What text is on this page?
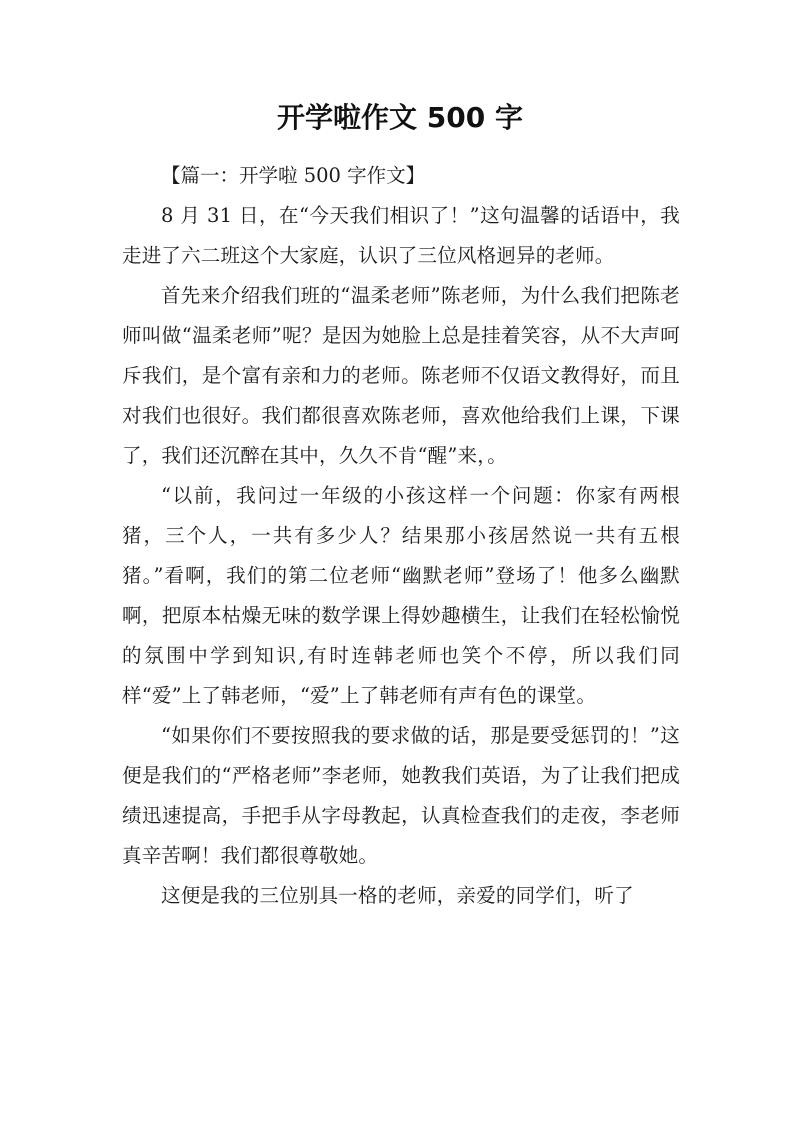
开学啦作文 500 字

【篇一：开学啦 500 字作文】

8 月 31 日，在“今天我们相识了！”这句温馨的话语中，我走进了六二班这个大家庭，认识了三位风格迥异的老师。

首先来介绍我们班的“温柔老师”陈老师，为什么我们把陈老师叫做“温柔老师”呢？是因为她脸上总是挂着笑容，从不大声呵斥我们，是个富有亲和力的老师。陈老师不仅语文教得好，而且对我们也很好。我们都很喜欢陈老师，喜欢他给我们上课，下课了，我们还沉醉在其中，久久不肯“醒”来，。

“以前，我问过一年级的小孩这样一个问题：你家有两根猪，三个人，一共有多少人？结果那小孩居然说一共有五根猪。”看啊，我们的第二位老师“幽默老师”登场了！他多么幽默啊，把原本枯燥无味的数学课上得妙趣横生，让我们在轻松愉悦的氛围中学到知识,有时连韩老师也笑个不停，所以我们同样“爱”上了韩老师，“爱”上了韩老师有声有色的课堂。

“如果你们不要按照我的要求做的话，那是要受惩罚的！”这便是我们的“严格老师”李老师，她教我们英语，为了让我们把成绩迅速提高，手把手从字母教起，认真检查我们的走夜，李老师真辛苦啊！我们都很尊敬她。

这便是我的三位别具一格的老师，亲爱的同学们，听了
